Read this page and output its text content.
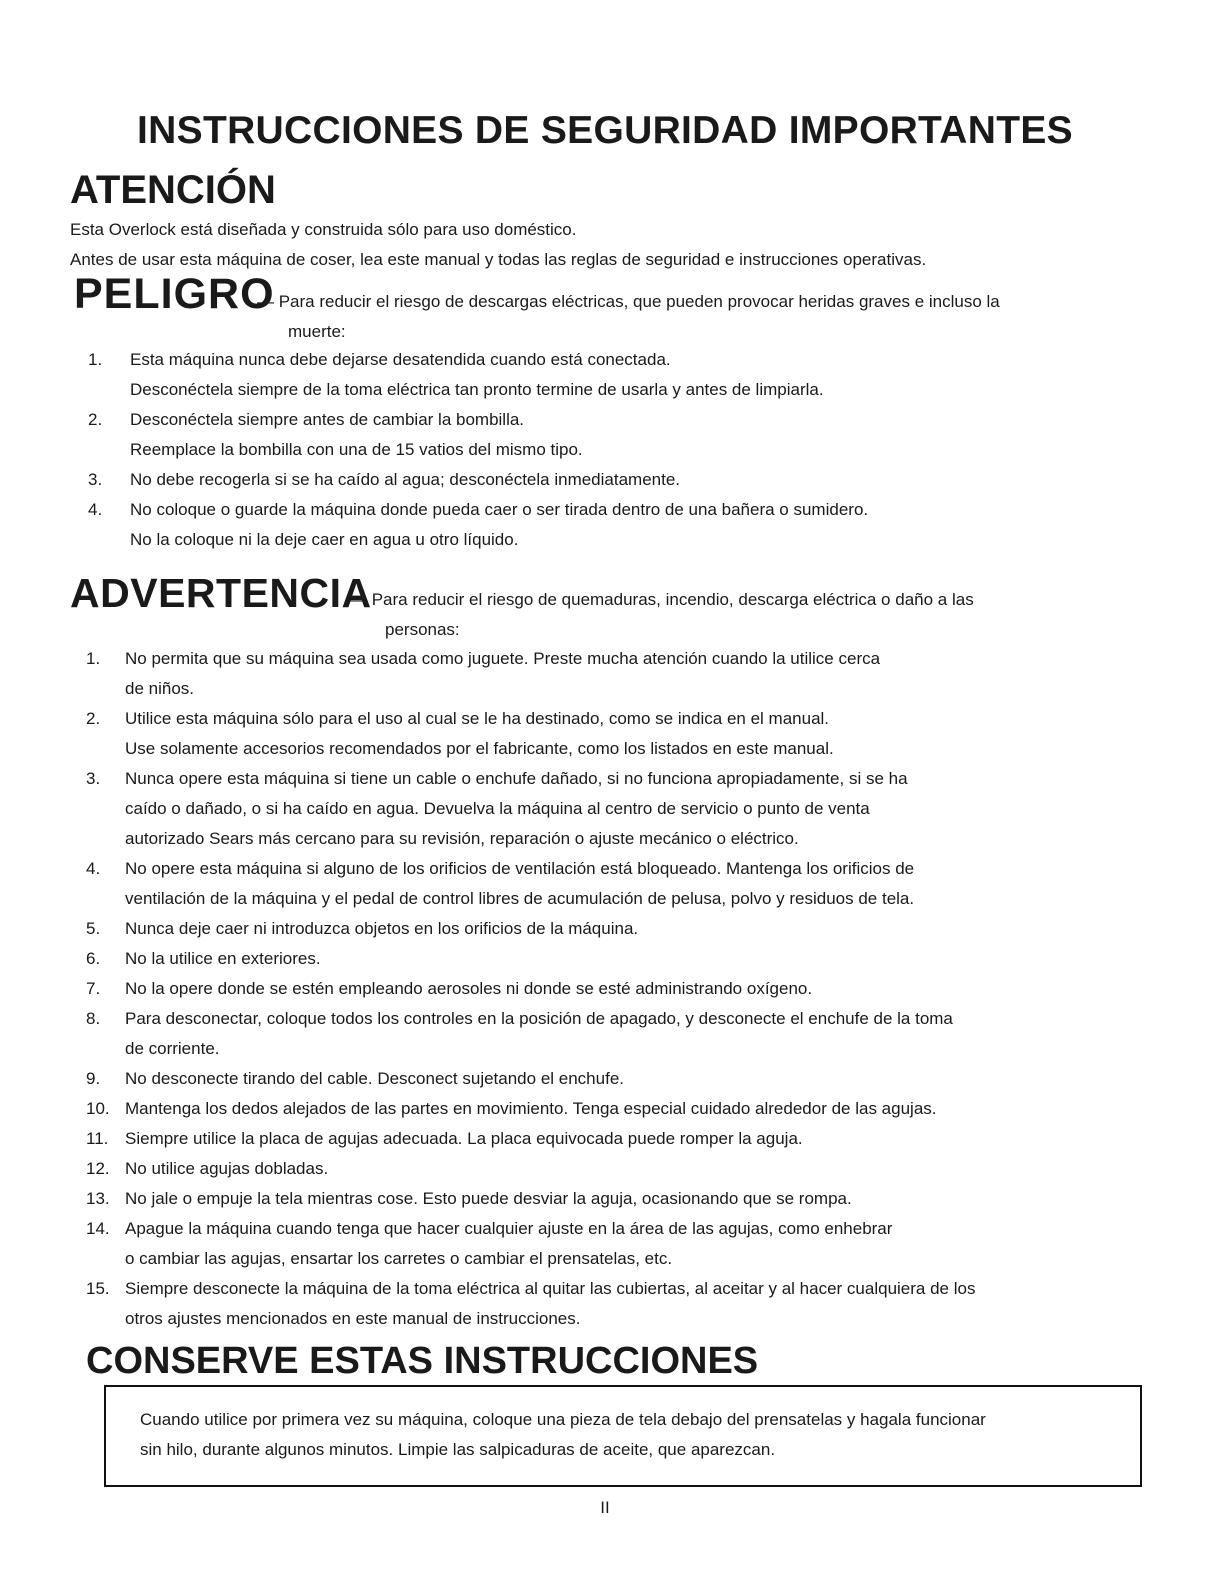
INSTRUCCIONES DE SEGURIDAD IMPORTANTES
ATENCIÓN

Esta Overlock está diseñada y construida sólo para uso doméstico.

Antes de usar esta máquina de coser, lea este manual y todas las reglas de seguridad e instrucciones operativas.

PELIGRO
— Para reducir el riesgo de descargas eléctricas, que pueden provocar heridas graves e incluso la
muerte:
1.	Esta máquina nunca debe dejarse desatendida cuando está conectada.
Desconéctela siempre de la toma eléctrica tan pronto termine de usarla y antes de limpiarla.
2.	Desconéctela siempre antes de cambiar la bombilla.
Reemplace la bombilla con una de 15 vatios del mismo tipo.
3.	No debe recogerla si se ha caído al agua; desconéctela inmediatamente.
4.	No coloque o guarde la máquina donde pueda caer o ser tirada dentro de una bañera o sumidero.
No la coloque ni la deje caer en agua u otro líquido.
ADVERTENCIA
— Para reducir el riesgo de quemaduras, incendio, descarga eléctrica o daño a las
personas:
1.	No permita que su máquina sea usada como juguete. Preste mucha atención cuando la utilice cerca
de niños.
2.	Utilice esta máquina sólo para el uso al cual se le ha destinado, como se indica en el manual.
Use solamente accesorios recomendados por el fabricante, como los listados en este manual.
3.	Nunca opere esta máquina si tiene un cable o enchufe dañado, si no funciona apropiadamente, si se ha
caído o dañado, o si ha caído en agua. Devuelva la máquina al centro de servicio o punto de venta
autorizado Sears más cercano para su revisión, reparación o ajuste mecánico o eléctrico.
4.	No opere esta máquina si alguno de los orificios de ventilación está bloqueado. Mantenga los orificios de
ventilación de la máquina y el pedal de control libres de acumulación de pelusa, polvo y residuos de tela.
5.	Nunca deje caer ni introduzca objetos en los orificios de la máquina.
6.	No la utilice en exteriores.
7.	No la opere donde se estén empleando aerosoles ni donde se esté administrando oxígeno.
8.	Para desconectar, coloque todos los controles en la posición de apagado, y desconecte el enchufe de la toma
de corriente.
9.	No desconecte tirando del cable. Desconect sujetando el enchufe.
10. Mantenga los dedos alejados de las partes en movimiento. Tenga especial cuidado alrededor de las agujas.
11. Siempre utilice la placa de agujas adecuada. La placa equivocada puede romper la aguja.
12. No utilice agujas dobladas.
13. No jale o empuje la tela mientras cose. Esto puede desviar la aguja, ocasionando que se rompa.
14. Apague la máquina cuando tenga que hacer cualquier ajuste en la área de las agujas, como enhebrar
o cambiar las agujas, ensartar los carretes o cambiar el prensatelas, etc.
15. Siempre desconecte la máquina de la toma eléctrica al quitar las cubiertas, al aceitar y al hacer cualquiera de los
otros ajustes mencionados en este manual de instrucciones.
CONSERVE ESTAS INSTRUCCIONES

Cuando utilice por primera vez su máquina, coloque una pieza de tela debajo del prensatelas y hagala funcionar
sin hilo, durante algunos minutos. Limpie las salpicaduras de aceite, que aparezcan.

II
